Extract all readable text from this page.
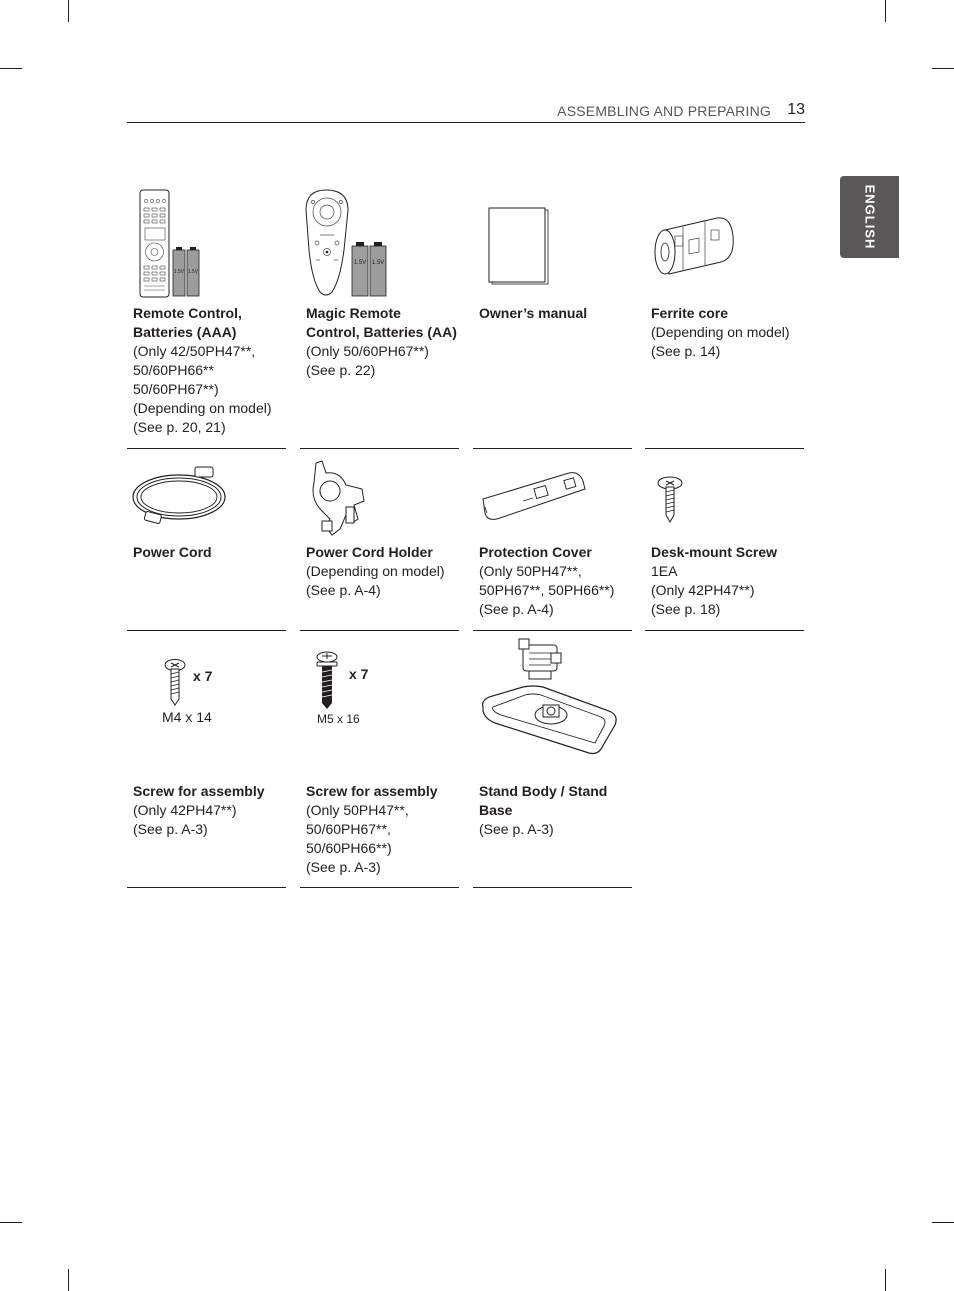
ASSEMBLING AND PREPARING 13
ENGLISH
1.5V 1.5V
Remote Control, Batteries (AAA)
(Only 42/50PH47**,
50/60PH66**
50/60PH67**)
(Depending on model)
(See p. 20, 21)
1.5V 1.5V
Magic Remote Control, Batteries (AA)
(Only 50/60PH67**)
(See p. 22)
Owner’s manual	Ferrite core
(Depending on model)
(See p. 14)
Power Cord	Power Cord Holder
(Depending on model)
(See p. A-4)
Protection Cover
(Only 50PH47**,
50PH67**, 50PH66**)
(See p. A-4)
Desk-mount Screw
1EA
(Only 42PH47**)
(See p. 18)
x 7
M4 x 14
Screw for assembly
(Only 42PH47**)
(See p. A-3)
x 7
M5 x 16
Screw for assembly
(Only 50PH47**,
50/60PH67**,
50/60PH66**)
(See p. A-3)
Stand Body / Stand Base
(See p. A-3)
